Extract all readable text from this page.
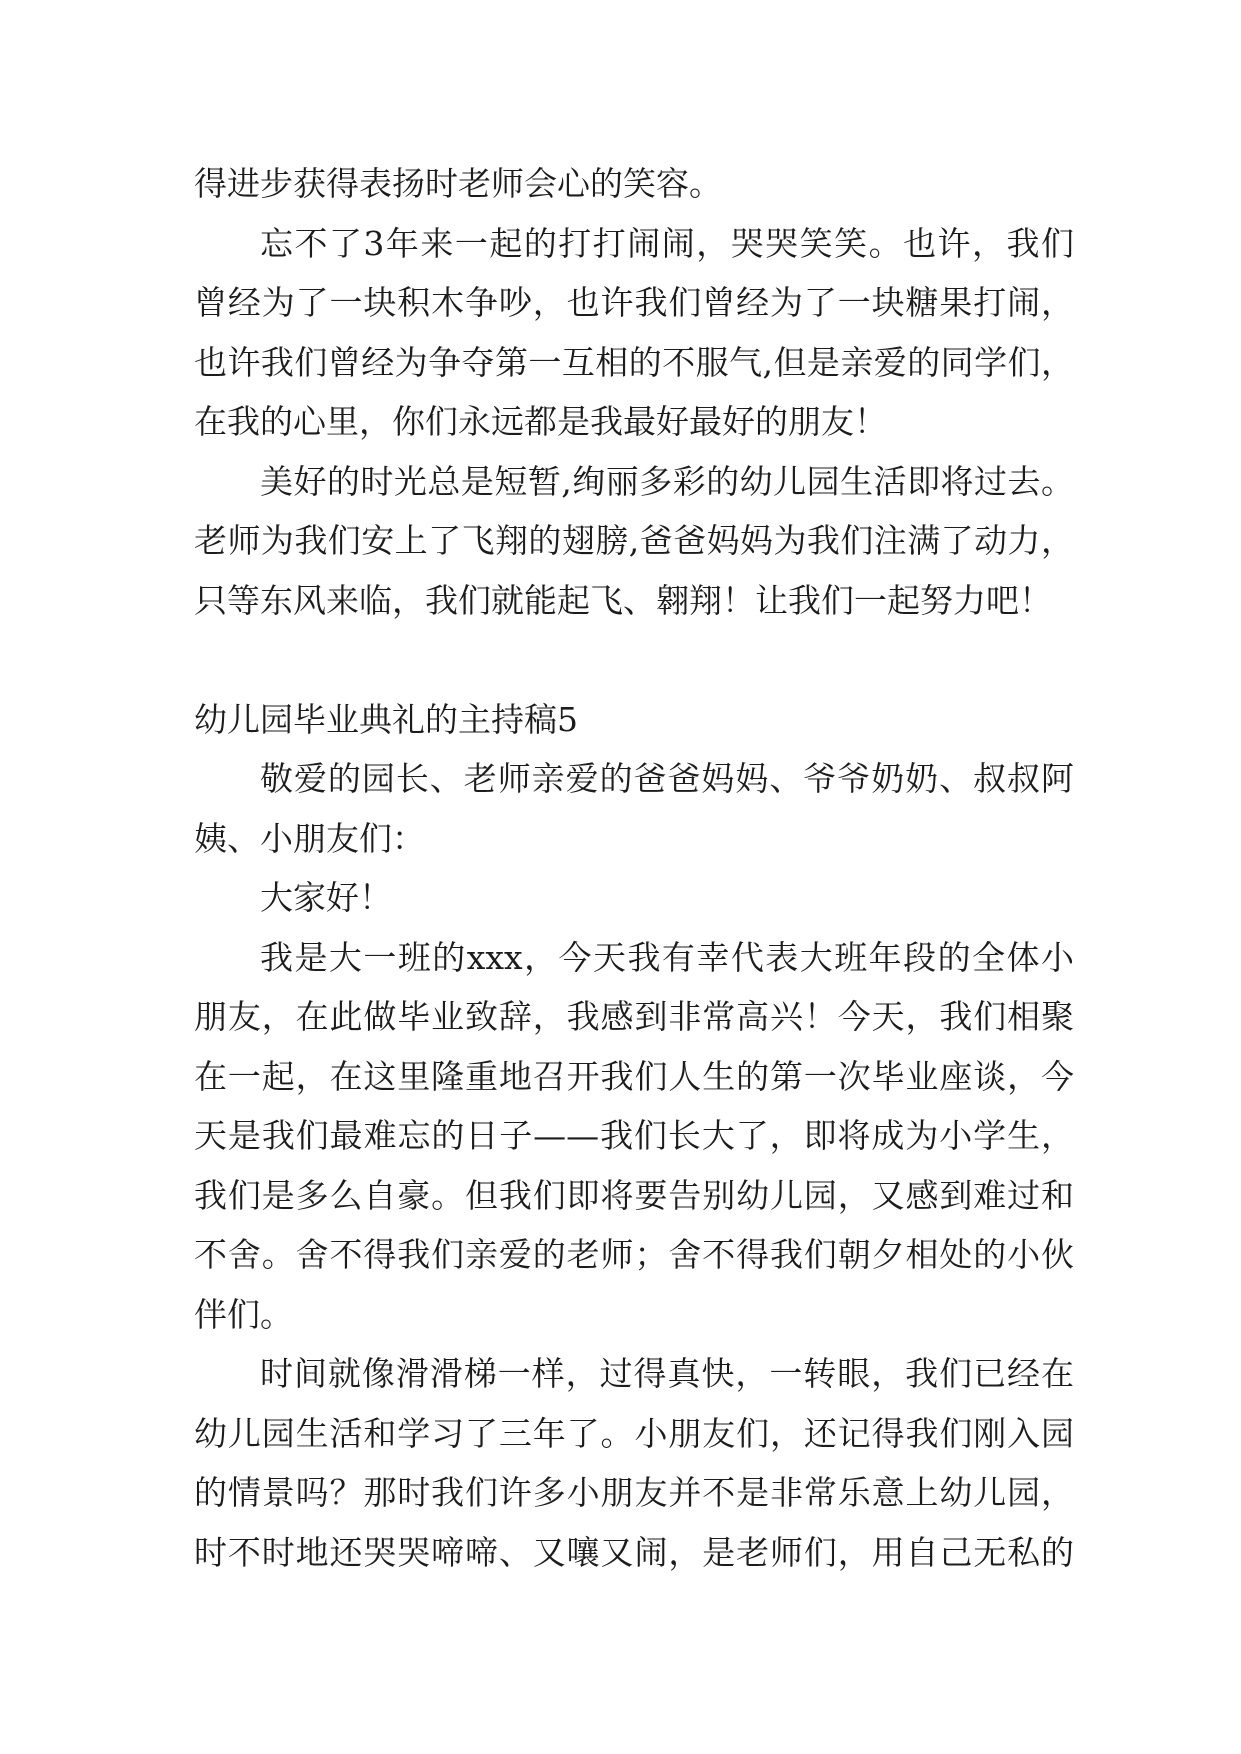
得进步获得表扬时老师会心的笑容。
忘不了3年来一起的打打闹闹，哭哭笑笑。也许，我们
曾经为了一块积木争吵，也许我们曾经为了一块糖果打闹，
也许我们曾经为争夺第一互相的不服气,但是亲爱的同学们，
在我的心里，你们永远都是我最好最好的朋友！
美好的时光总是短暂,绚丽多彩的幼儿园生活即将过去。
老师为我们安上了飞翔的翅膀,爸爸妈妈为我们注满了动力，
只等东风来临，我们就能起飞、翱翔！让我们一起努力吧！
幼儿园毕业典礼的主持稿5
敬爱的园长、老师亲爱的爸爸妈妈、爷爷奶奶、叔叔阿
姨、小朋友们：
大家好！
我是大一班的xxx，今天我有幸代表大班年段的全体小
朋友，在此做毕业致辞，我感到非常高兴！今天，我们相聚
在一起，在这里隆重地召开我们人生的第一次毕业座谈，今
天是我们最难忘的日子——我们长大了，即将成为小学生，
我们是多么自豪。但我们即将要告别幼儿园，又感到难过和
不舍。舍不得我们亲爱的老师；舍不得我们朝夕相处的小伙
伴们。
时间就像滑滑梯一样，过得真快，一转眼，我们已经在
幼儿园生活和学习了三年了。小朋友们，还记得我们刚入园
的情景吗？那时我们许多小朋友并不是非常乐意上幼儿园，
时不时地还哭哭啼啼、又嚷又闹，是老师们，用自己无私的
